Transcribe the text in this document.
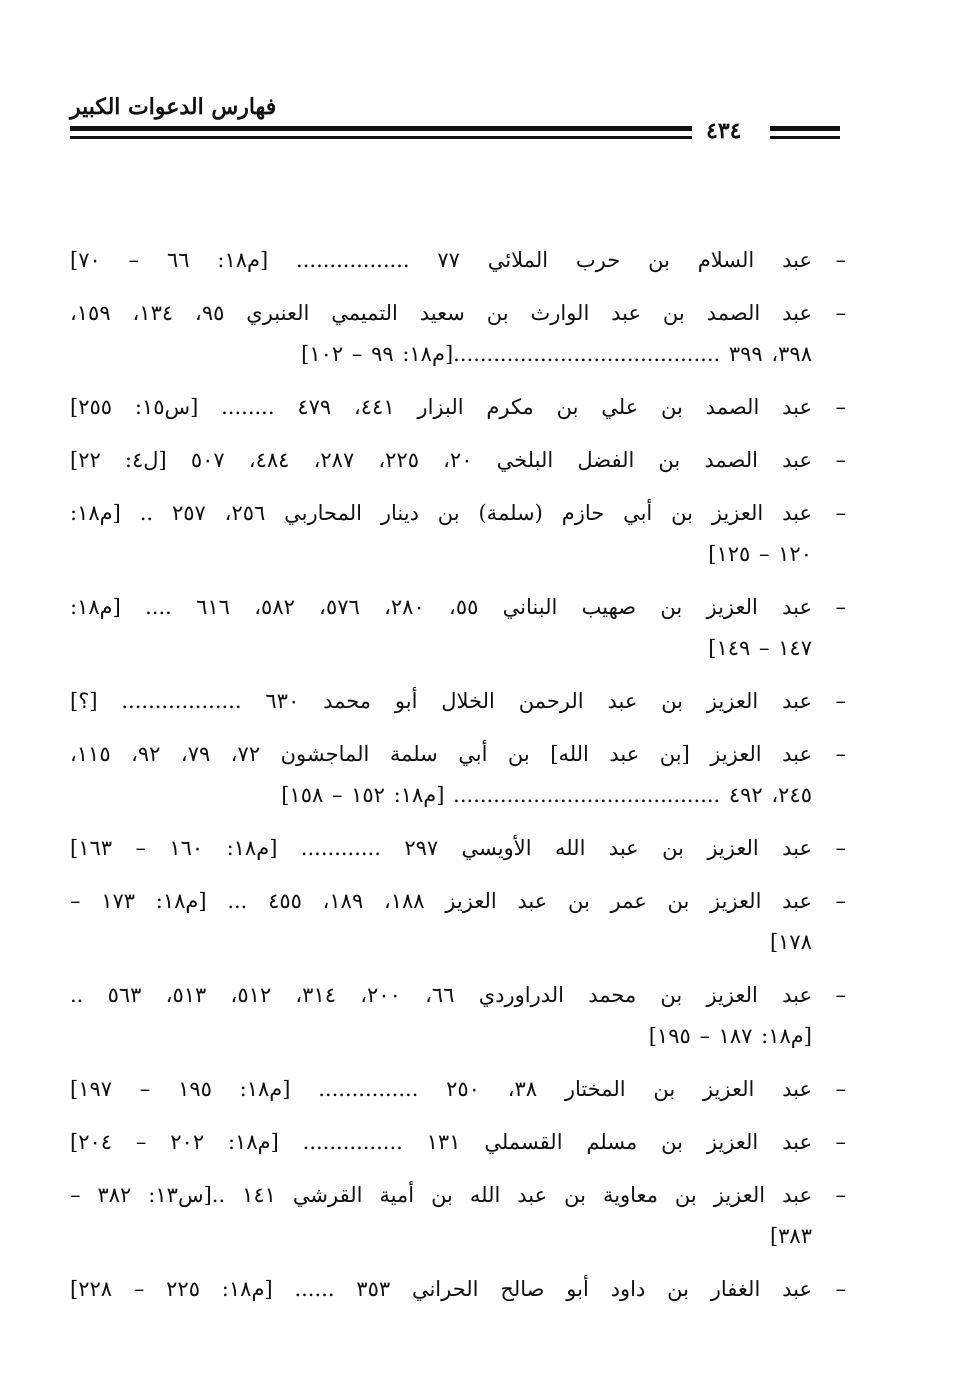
فهارس الدعوات الكبير
٤٣٤
–
عبد السلام بن حرب الملائي ٧٧ ................. [م١٨: ٦٦ – ٧٠]
–
عبد الصمد بن عبد الوارث بن سعيد التميمي العنبري ٩٥، ١٣٤، ١٥٩،
٣٩٨، ٣٩٩ ........................................[م١٨: ٩٩ – ١٠٢]
–
عبد الصمد بن علي بن مكرم البزار ٤٤١، ٤٧٩ ........ [س١٥: ٢٥٥]
–
عبد الصمد بن الفضل البلخي ٢٠، ٢٢٥، ٢٨٧، ٤٨٤، ٥٠٧ [ل٤: ٢٢]
–
عبد العزيز بن أبي حازم (سلمة) بن دينار المحاربي ٢٥٦، ٢٥٧ .. [م١٨:
١٢٠ – ١٢٥]
–
عبد العزيز بن صهيب البناني ٥٥، ٢٨٠، ٥٧٦، ٥٨٢، ٦١٦ .... [م١٨:
١٤٧ – ١٤٩]
–
عبد العزيز بن عبد الرحمن الخلال أبو محمد ٦٣٠ .................. [؟]
–
عبد العزيز [بن عبد الله] بن أبي سلمة الماجشون ٧٢، ٧٩، ٩٢، ١١٥،
٢٤٥، ٤٩٢ ........................................ [م١٨: ١٥٢ – ١٥٨]
–
عبد العزيز بن عبد الله الأويسي ٢٩٧ ............ [م١٨: ١٦٠ – ١٦٣]
–
عبد العزيز بن عمر بن عبد العزيز ١٨٨، ١٨٩، ٤٥٥ ... [م١٨: ١٧٣ –
١٧٨]
–
عبد العزيز بن محمد الدراوردي ٦٦، ٢٠٠، ٣١٤، ٥١٢، ٥١٣، ٥٦٣ ..
[م١٨: ١٨٧ – ١٩٥]
–
عبد العزيز بن المختار ٣٨، ٢٥٠ ............... [م١٨: ١٩٥ – ١٩٧]
–
عبد العزيز بن مسلم القسملي ١٣١ ............... [م١٨: ٢٠٢ – ٢٠٤]
–
عبد العزيز بن معاوية بن عبد الله بن أمية القرشي ١٤١ ..[س١٣: ٣٨٢ –
٣٨٣]
–
عبد الغفار بن داود أبو صالح الحراني ٣٥٣ ...... [م١٨: ٢٢٥ – ٢٢٨]
